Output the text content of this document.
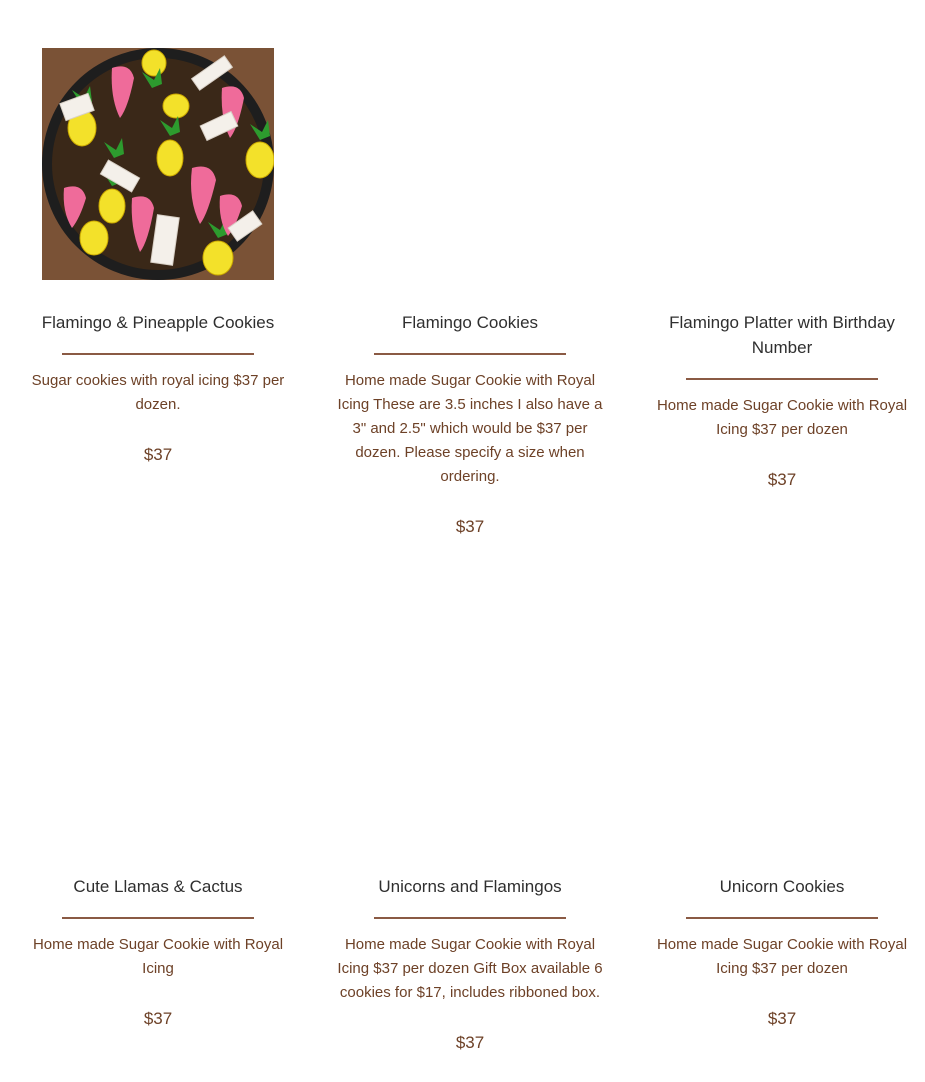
Flamingo & Pineapple Cookies

Sugar cookies with royal icing $37 per dozen.

$37

Flamingo Cookies

Home made Sugar Cookie with Royal Icing These are 3.5 inches I also have a 3" and 2.5" which would be $37 per dozen. Please specify a size when ordering.

$37

Flamingo Platter with Birthday Number

Home made Sugar Cookie with Royal Icing $37 per dozen

$37

Cute Llamas & Cactus

Home made Sugar Cookie with Royal Icing

$37

Unicorns and Flamingos

Home made Sugar Cookie with Royal Icing $37 per dozen Gift Box available 6 cookies for $17, includes ribboned box.

$37

Unicorn Cookies

Home made Sugar Cookie with Royal Icing $37 per dozen

$37
